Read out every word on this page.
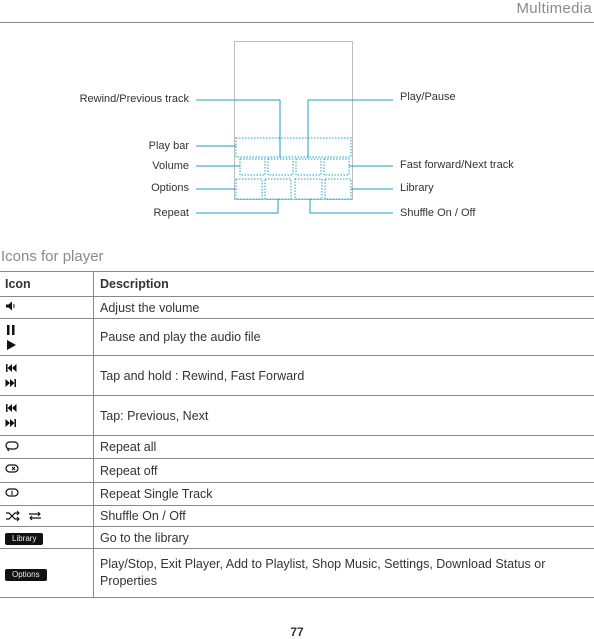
Multimedia
Rewind/Previous track	Play/Pause
Play bar
Volume	Fast forward/Next track
Options	Library
Repeat	Shuffle On / Off
Icons for player
Icon	Description
	Adjust the volume

	Pause and play the audio file

	Tap and hold : Rewind, Fast Forward

	Tap: Previous, Next
	Repeat all
	Repeat off
	Repeat Single Track

	Shuffle On / Off
Library	Go to the library
Options	Play/Stop, Exit Player, Add to Playlist, Shop Music, Settings, Download Status or Properties
77
